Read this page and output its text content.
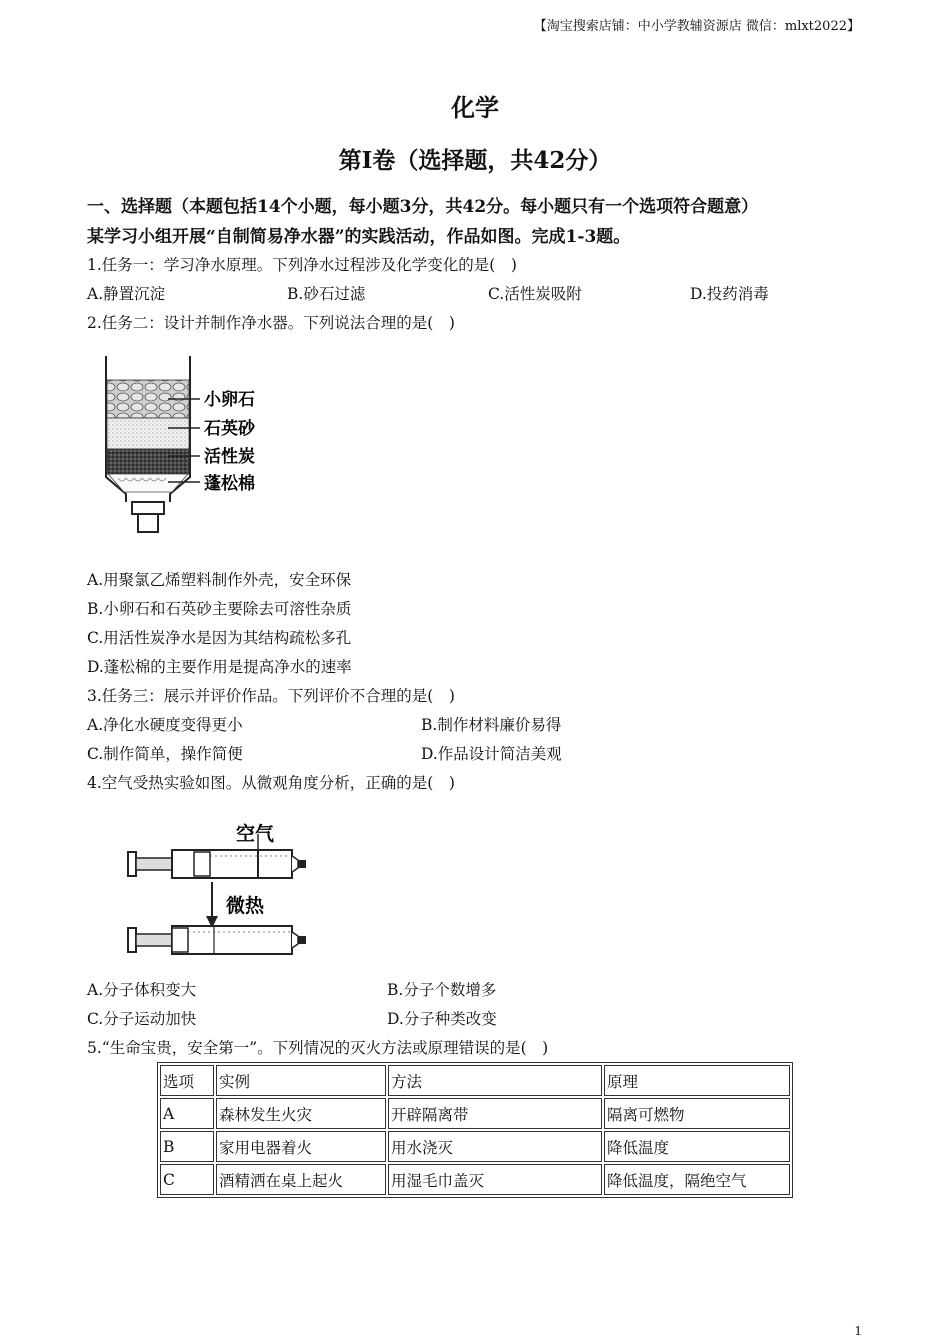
【淘宝搜索店铺：中小学教辅资源店 微信：mlxt2022】
化学
第I卷（选择题，共42分）
一、选择题（本题包括14个小题，每小题3分，共42分。每小题只有一个选项符合题意）
某学习小组开展“自制简易净水器”的实践活动，作品如图。完成1-3题。
1.任务一：学习净水原理。下列净水过程涉及化学变化的是(　)
A.静置沉淀	B.砂石过滤	C.活性炭吸附	D.投药消毒
2.任务二：设计并制作净水器。下列说法合理的是(　)
小卵石
石英砂
活性炭
蓬松棉
A.用聚氯乙烯塑料制作外壳，安全环保
B.小卵石和石英砂主要除去可溶性杂质
C.用活性炭净水是因为其结构疏松多孔
D.蓬松棉的主要作用是提高净水的速率
3.任务三：展示并评价作品。下列评价不合理的是(　)
A.净化水硬度变得更小	B.制作材料廉价易得
C.制作简单，操作简便	D.作品设计简洁美观
4.空气受热实验如图。从微观角度分析，正确的是(　)
空气
微热
A.分子体积变大	B.分子个数增多
C.分子运动加快	D.分子种类改变
5.“生命宝贵，安全第一”。下列情况的灭火方法或原理错误的是(　)
选项	实例	方法	原理
A	森林发生火灾	开辟隔离带	隔离可燃物
B	家用电器着火	用水浇灭	降低温度
C	酒精洒在桌上起火	用湿毛巾盖灭	降低温度，隔绝空气
1
